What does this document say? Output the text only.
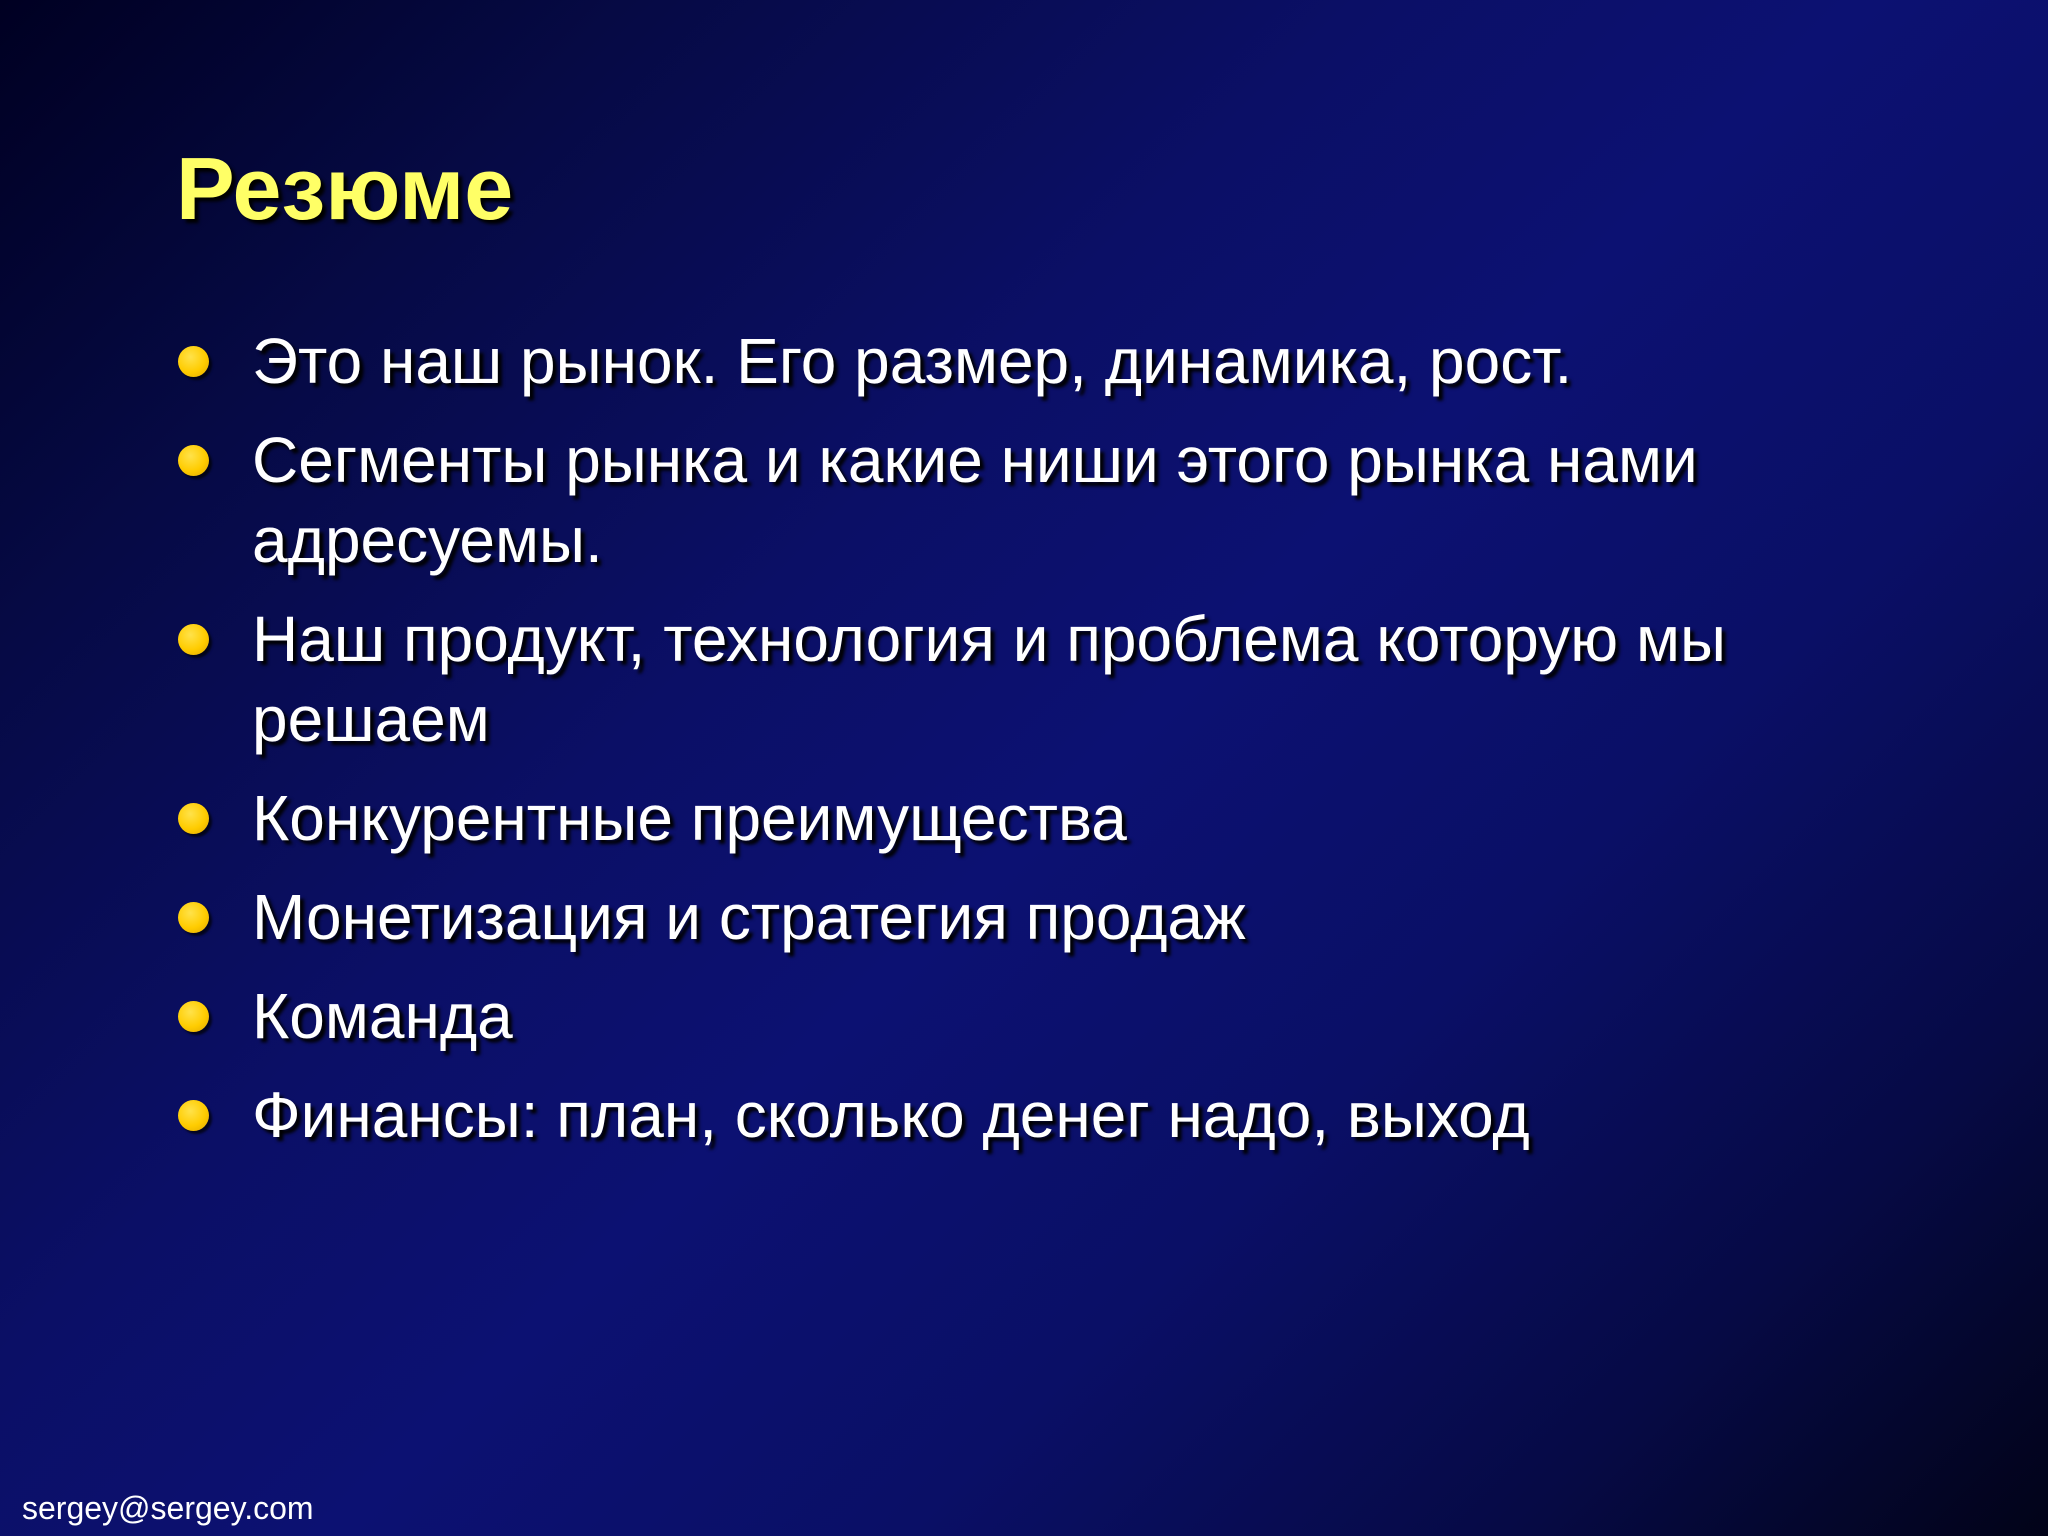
Резюме
Это наш рынок. Его размер, динамика, рост.
Сегменты рынка и какие ниши этого рынка нами адресуемы.
Наш продукт, технология и проблема которую мы решаем
Конкурентные преимущества
Монетизация и стратегия продаж
Команда
Финансы: план, сколько денег надо, выход
sergey@sergey.com
